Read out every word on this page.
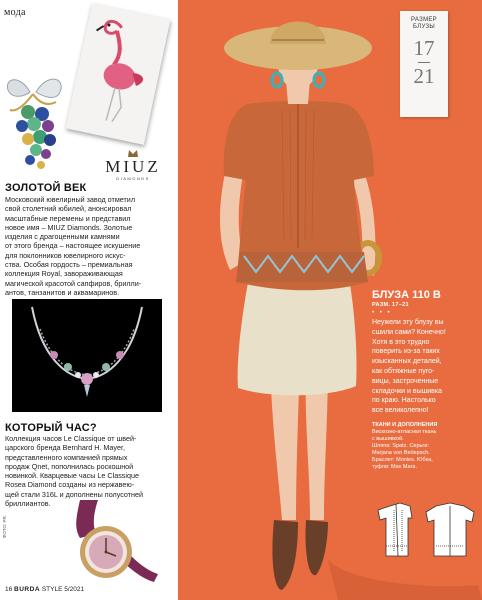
мода
MIUZ
DIAMONDS
ЗОЛОТОЙ ВЕК
Московский ювелирный завод отметил
свой столетний юбилей, анонсировал
масштабные перемены и представил
новое имя – MIUZ Diamonds. Золотые
изделия с драгоценными камнями
от этого бренда – настоящее искушение
для поклонников ювелирного искус-
ства. Особая гордость – премиальная
коллекция Royal, завораживающая
магической красотой сапфиров, брилли-
антов, танзанитов и аквамаринов.
КОТОРЫЙ ЧАС?
Коллекция часов Le Classique от швей-
царского бренда Bernhard H. Mayer,
представленного компанией прямых
продаж Qnet, пополнилась роскошной
новинкой. Кварцевые часы Le Classique
Rosea Diamond созданы из нержавею-
щей стали 316L и дополнены полусотней
бриллиантов.
ФОТО: PR.
16 BURDA STYLE 5/2021
РАЗМЕР
БЛУЗЫ
17
21
БЛУЗА 110 В
РАЗМ. 17–21
• • •
Неужели эту блузу вы
сшили сами? Конечно!
Хотя в это трудно
поверить из-за таких
изысканных деталей,
как обтяжные пуго-
вицы, застроченные
складочки и вышивка
по краю. Настолько
все великолепно!
ТКАНИ И ДОПОЛНЕНИЯ
Вискозно-атласная ткань
с вышивкой.
Шляпа: Spatz. Серьги:
Marjana von Berlepsch.
Браслет: Monies. Юбка,
туфли: Max Mara.
